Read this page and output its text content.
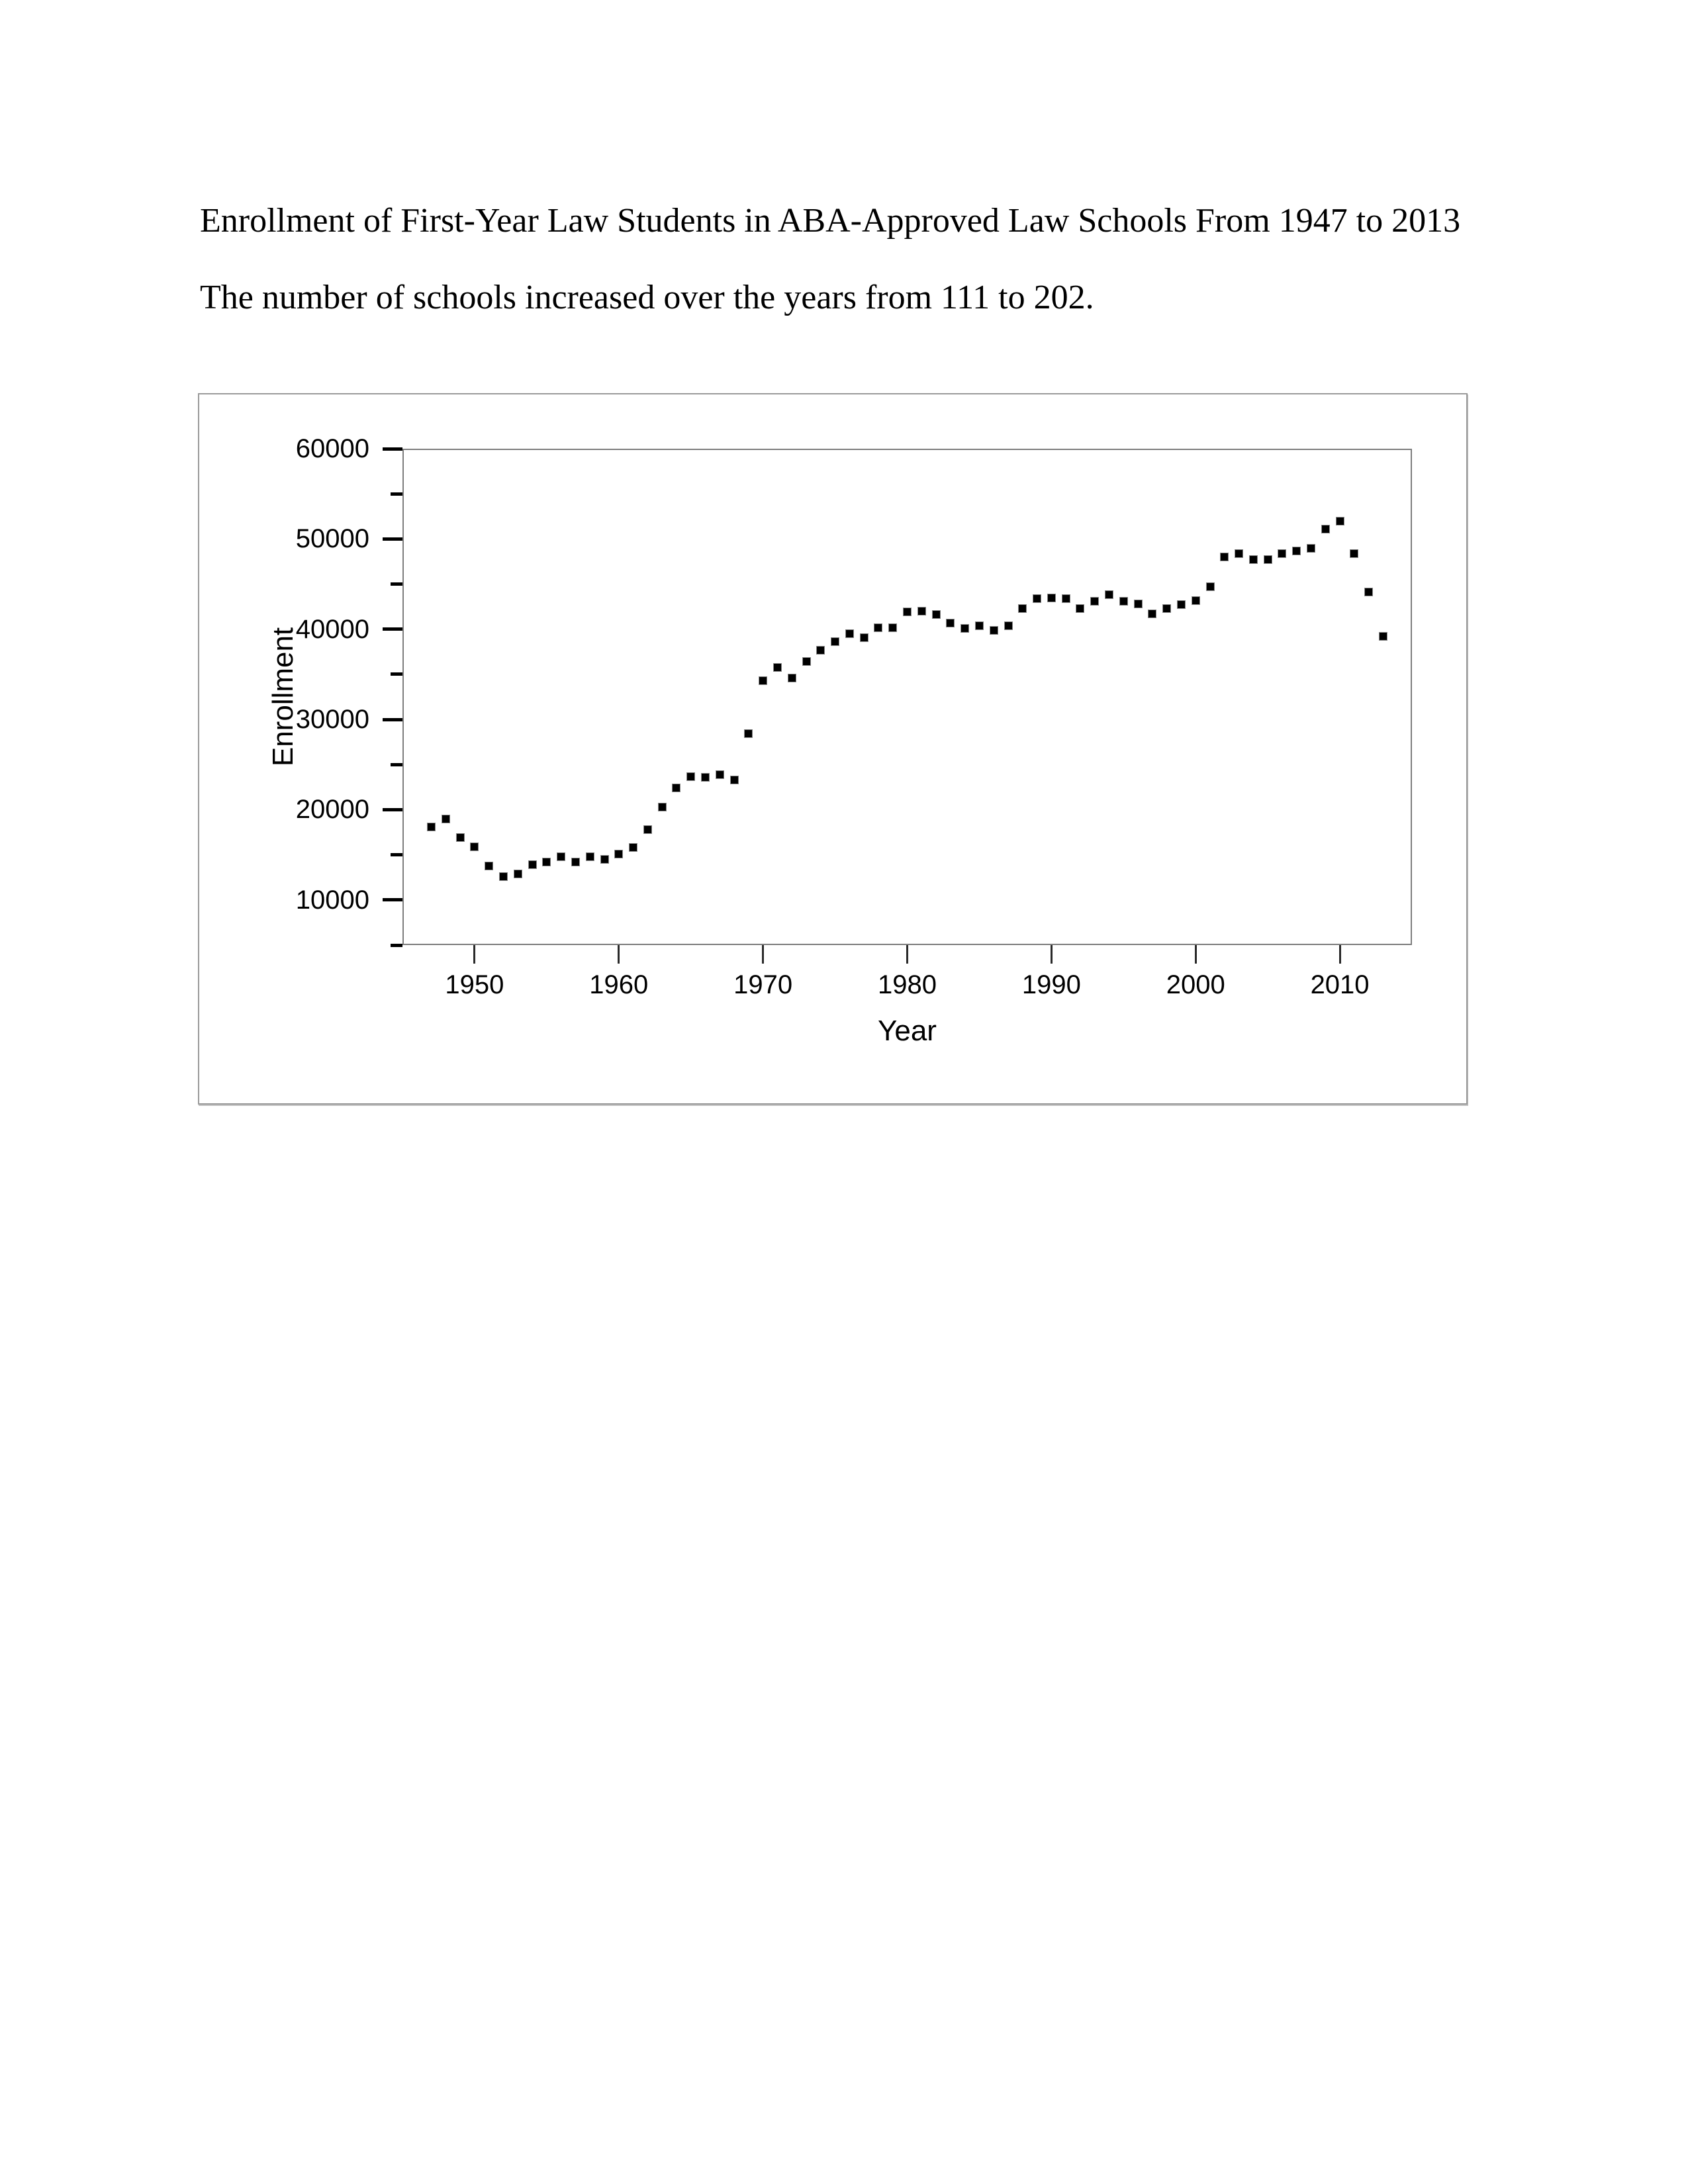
Enrollment of First-Year Law Students in ABA-Approved Law Schools From 1947 to 2013
The number of schools increased over the years from 111 to 202.
10000
20000
30000
40000
50000
60000
1950	1960	1970	1980	1990	2000	2010
Enrollment
Year
